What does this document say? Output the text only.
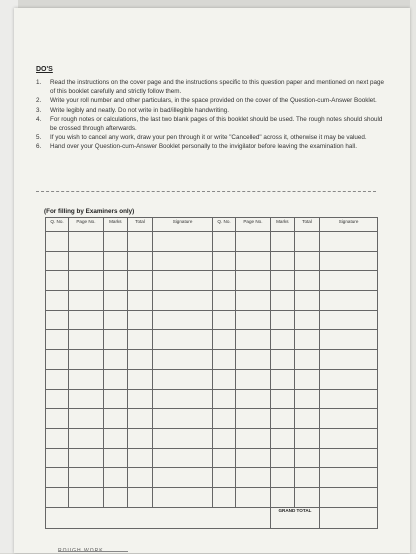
DO'S
1. Read the instructions on the cover page and the instructions specific to this question paper and mentioned on next page of this booklet carefully and strictly follow them.
2. Write your roll number and other particulars, in the space provided on the cover of the Question-cum-Answer Booklet.
3. Write legibly and neatly. Do not write in bad/illegible handwriting.
4. For rough notes or calculations, the last two blank pages of this booklet should be used. The rough notes should should be crossed through afterwards.
5. If you wish to cancel any work, draw your pen through it or write "Cancelled" across it, otherwise it may be valued.
6. Hand over your Question-cum-Answer Booklet personally to the invigilator before leaving the examination hall.
(For filling by Examiners only)
Q. No.	Page No.	Marks	Total	Signature	Q. No.	Page No.	Marks	Total	Signature

							GRAND TOTAL		
ROUGH WORK
